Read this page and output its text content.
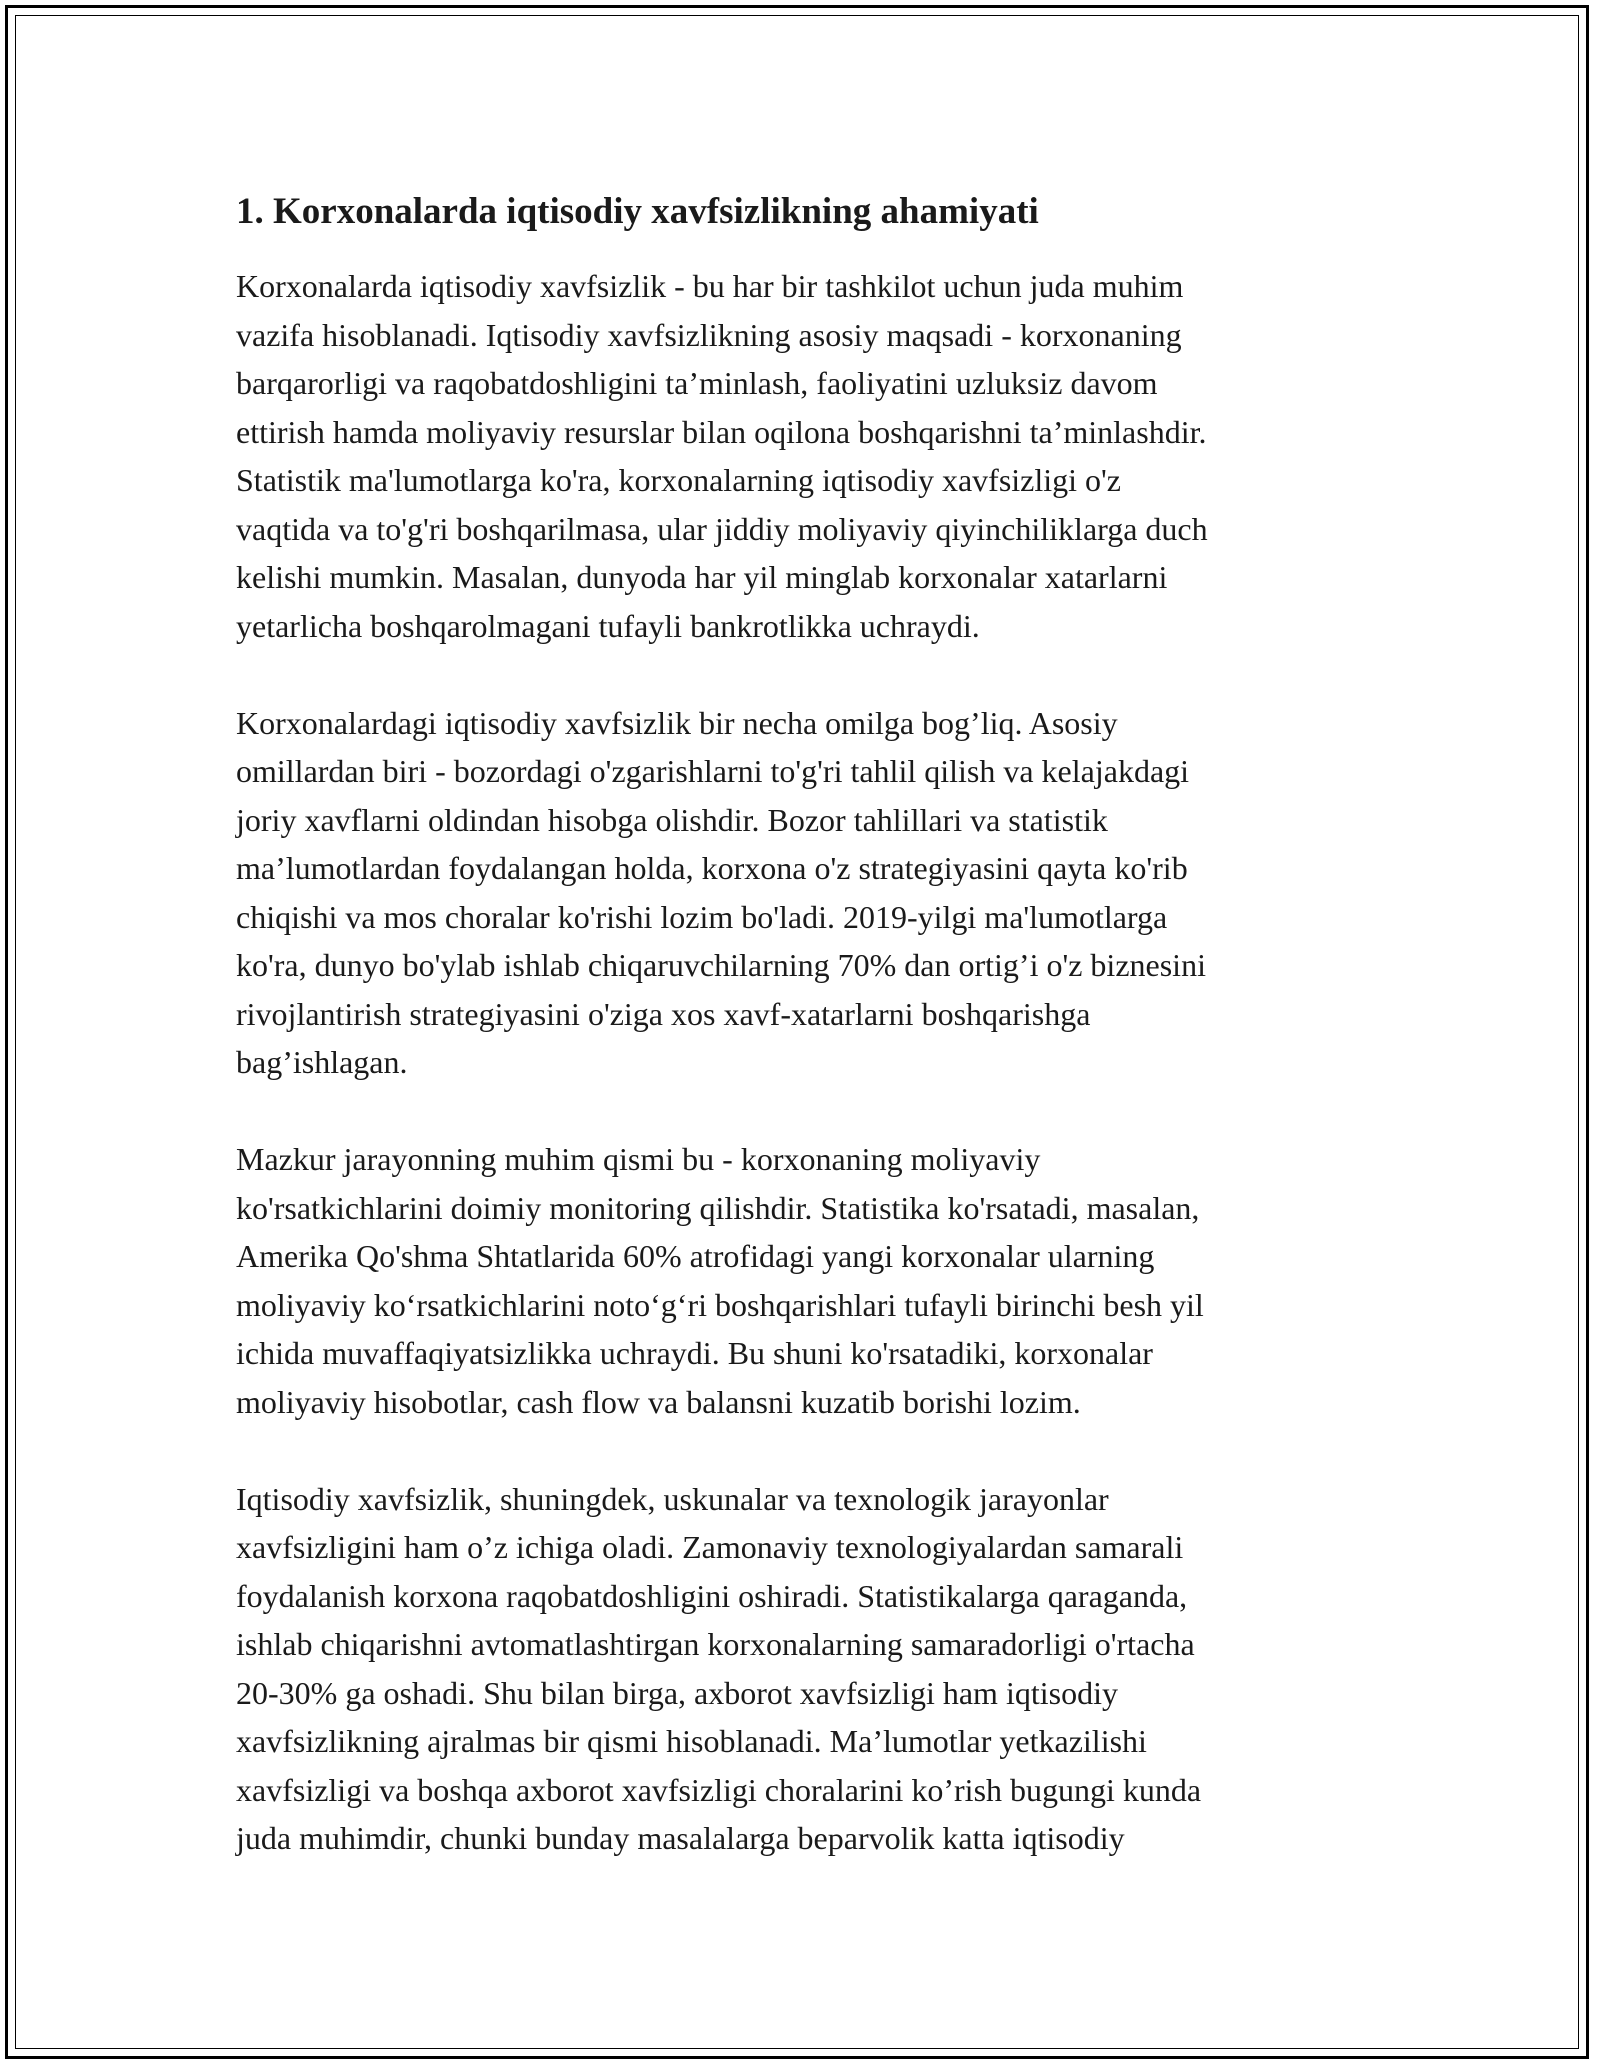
1. Korxonalarda iqtisodiy xavfsizlikning ahamiyati
Korxonalarda iqtisodiy xavfsizlik - bu har bir tashkilot uchun juda muhim
vazifa hisoblanadi. Iqtisodiy xavfsizlikning asosiy maqsadi - korxonaning
barqarorligi va raqobatdoshligini ta’minlash, faoliyatini uzluksiz davom
ettirish hamda moliyaviy resurslar bilan oqilona boshqarishni ta’minlashdir.
Statistik ma'lumotlarga ko'ra, korxonalarning iqtisodiy xavfsizligi o'z
vaqtida va to'g'ri boshqarilmasa, ular jiddiy moliyaviy qiyinchiliklarga duch
kelishi mumkin. Masalan, dunyoda har yil minglab korxonalar xatarlarni
yetarlicha boshqarolmagani tufayli bankrotlikka uchraydi.
Korxonalardagi iqtisodiy xavfsizlik bir necha omilga bog’liq. Asosiy
omillardan biri - bozordagi o'zgarishlarni to'g'ri tahlil qilish va kelajakdagi
joriy xavflarni oldindan hisobga olishdir. Bozor tahlillari va statistik
ma’lumotlardan foydalangan holda, korxona o'z strategiyasini qayta ko'rib
chiqishi va mos choralar ko'rishi lozim bo'ladi. 2019-yilgi ma'lumotlarga
ko'ra, dunyo bo'ylab ishlab chiqaruvchilarning 70% dan ortig’i o'z biznesini
rivojlantirish strategiyasini o'ziga xos xavf-xatarlarni boshqarishga
bag’ishlagan.
Mazkur jarayonning muhim qismi bu - korxonaning moliyaviy
ko'rsatkichlarini doimiy monitoring qilishdir. Statistika ko'rsatadi, masalan,
Amerika Qo'shma Shtatlarida 60% atrofidagi yangi korxonalar ularning
moliyaviy ko‘rsatkichlarini noto‘g‘ri boshqarishlari tufayli birinchi besh yil
ichida muvaffaqiyatsizlikka uchraydi. Bu shuni ko'rsatadiki, korxonalar
moliyaviy hisobotlar, cash flow va balansni kuzatib borishi lozim.
Iqtisodiy xavfsizlik, shuningdek, uskunalar va texnologik jarayonlar
xavfsizligini ham o’z ichiga oladi. Zamonaviy texnologiyalardan samarali
foydalanish korxona raqobatdoshligini oshiradi. Statistikalarga qaraganda,
ishlab chiqarishni avtomatlashtirgan korxonalarning samaradorligi o'rtacha
20-30% ga oshadi. Shu bilan birga, axborot xavfsizligi ham iqtisodiy
xavfsizlikning ajralmas bir qismi hisoblanadi. Ma’lumotlar yetkazilishi
xavfsizligi va boshqa axborot xavfsizligi choralarini ko’rish bugungi kunda
juda muhimdir, chunki bunday masalalarga beparvolik katta iqtisodiy
